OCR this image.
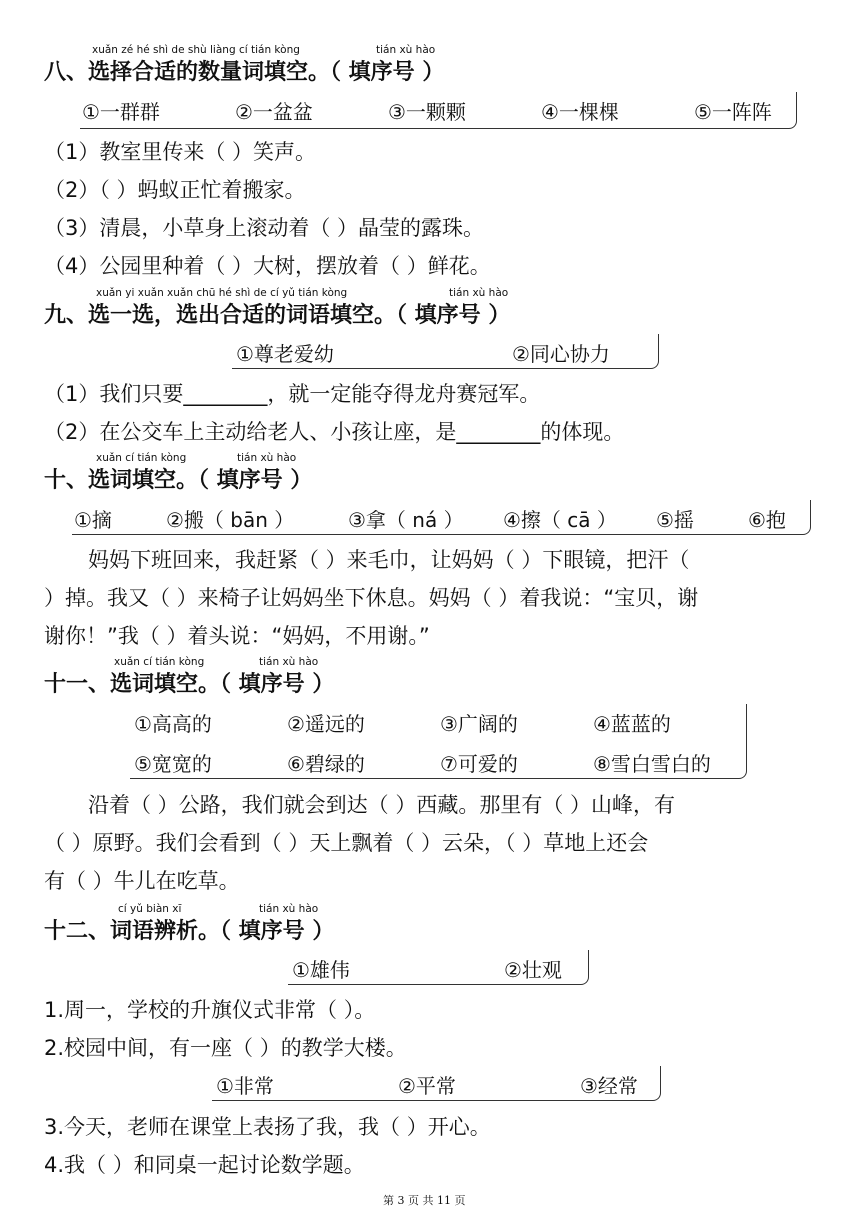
xuǎn zé hé shì de shù liàng cí tián kòng	tián xù hào
八、选择合适的数量词填空。（ 填序号 ）
①一群群	②一盆盆	③一颗颗	④一棵棵	⑤一阵阵
（1）教室里传来（ ）笑声。
（2）（ ）蚂蚁正忙着搬家。
（3）清晨，小草身上滚动着（ ）晶莹的露珠。
（4）公园里种着（ ）大树，摆放着（ ）鲜花。
xuǎn yi xuǎn xuǎn chū hé shì de cí yǔ tián kòng	tián xù hào
九、选一选，选出合适的词语填空。（ 填序号 ）
①尊老爱幼	②同心协力
（1）我们只要________，就一定能夺得龙舟赛冠军。
（2）在公交车上主动给老人、小孩让座，是________的体现。
xuǎn cí tián kòng	tián xù hào
十、选词填空。（ 填序号 ）
①摘	②搬（ bān ）	③拿（ ná ） ④擦（ cā ） ⑤摇	⑥抱
妈妈下班回来，我赶紧（ ）来毛巾，让妈妈（ ）下眼镜，把汗（
）掉。我又（ ）来椅子让妈妈坐下休息。妈妈（ ）着我说：“宝贝，谢
谢你！”我（ ）着头说：“妈妈，不用谢。”
xuǎn cí tián kòng	tián xù hào
十一、选词填空。（ 填序号 ）
①高高的	②遥远的	③广阔的	④蓝蓝的
⑤宽宽的	⑥碧绿的	⑦可爱的	⑧雪白雪白的
沿着（ ）公路，我们就会到达（ ）西藏。那里有（ ）山峰，有
（ ）原野。我们会看到（ ）天上飘着（ ）云朵，（ ）草地上还会
有（ ）牛儿在吃草。
cí yǔ biàn xī	tián xù hào
十二、词语辨析。（ 填序号 ）
①雄伟	②壮观
1.周一，学校的升旗仪式非常（ ）。
2.校园中间，有一座（ ）的教学大楼。
①非常	②平常	③经常
3.今天，老师在课堂上表扬了我，我（ ）开心。
4.我（ ）和同桌一起讨论数学题。
第 3 页 共 11 页
